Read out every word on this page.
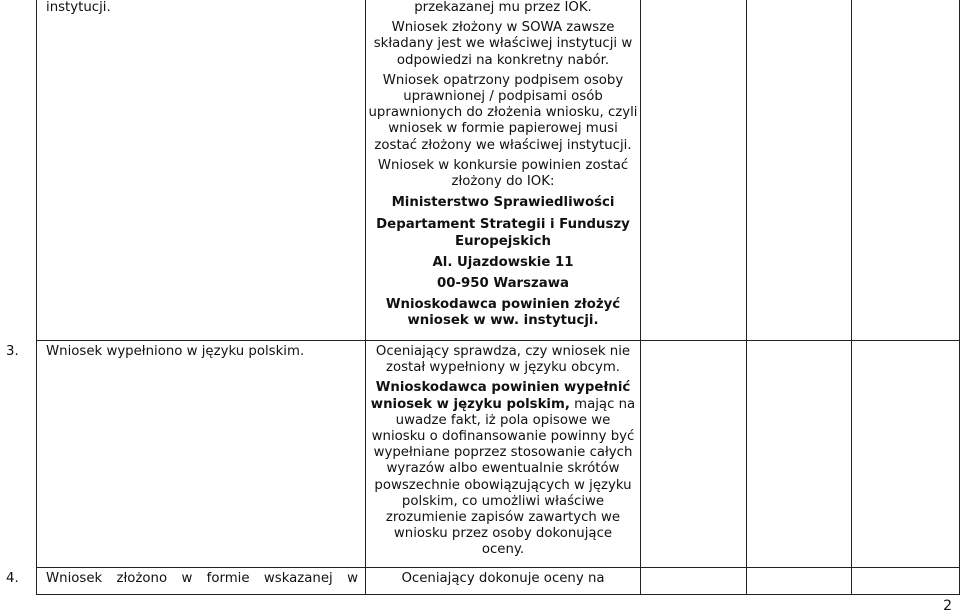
instytucji.	przekazanej mu przez IOK.

Wniosek złożony w SOWA zawsze

składany jest we właściwej instytucji w

odpowiedzi na konkretny nabór.

Wniosek opatrzony podpisem osoby

uprawnionej / podpisami osób

uprawnionych do złożenia wniosku, czyli

wniosek w formie papierowej musi

zostać złożony we właściwej instytucji.

Wniosek w konkursie powinien zostać

złożony do IOK:

Ministerstwo Sprawiedliwości

Departament Strategii i Funduszy

Europejskich

Al. Ujazdowskie 11

00-950 Warszawa

Wnioskodawca powinien złożyć

wniosek w ww. instytucji.

3. Wniosek wypełniono w języku polskim.	Oceniający sprawdza, czy wniosek nie

został wypełniony w języku obcym.

Wnioskodawca powinien wypełnić

wniosek w języku polskim, mając na

uwadze fakt, iż pola opisowe we

wniosku o dofinansowanie powinny być

wypełniane poprzez stosowanie całych

wyrazów albo ewentualnie skrótów

powszechnie obowiązujących w języku

polskim, co umożliwi właściwe

zrozumienie zapisów zawartych we

wniosku przez osoby dokonujące

oceny.

4. Wniosek złożono w formie wskazanej w	Oceniający dokonuje oceny na
2
